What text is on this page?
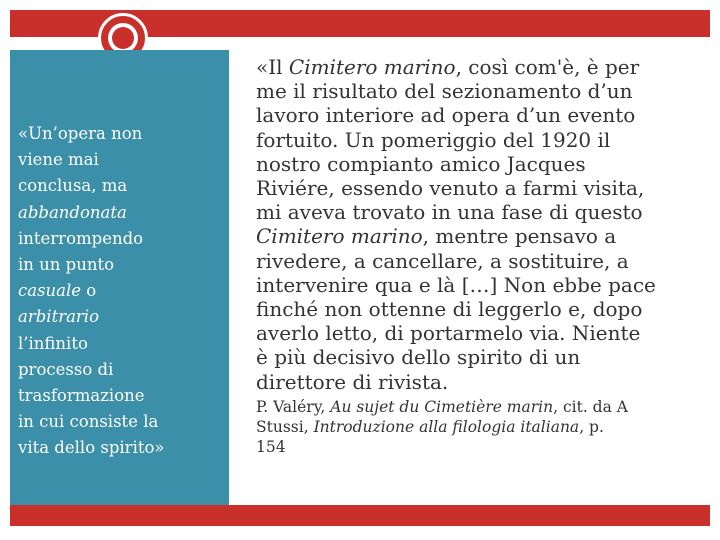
«Un’opera non
viene mai
conclusa, ma
abbandonata
interrompendo
in un punto
casuale o
arbitrario
l’infinito
processo di
trasformazione
in cui consiste la
vita dello spirito»
«Il Cimitero marino, così com'è, è per
me il risultato del sezionamento d’un
lavoro interiore ad opera d’un evento
fortuito. Un pomeriggio del 1920 il
nostro compianto amico Jacques
Riviére, essendo venuto a farmi visita,
mi aveva trovato in una fase di questo
Cimitero marino, mentre pensavo a
rivedere, a cancellare, a sostituire, a
intervenire qua e là […] Non ebbe pace
finché non ottenne di leggerlo e, dopo
averlo letto, di portarmelo via. Niente
è più decisivo dello spirito di un
direttore di rivista.
P. Valéry, Au sujet du Cimetière marin, cit. da A
Stussi, Introduzione alla filologia italiana, p.
154
